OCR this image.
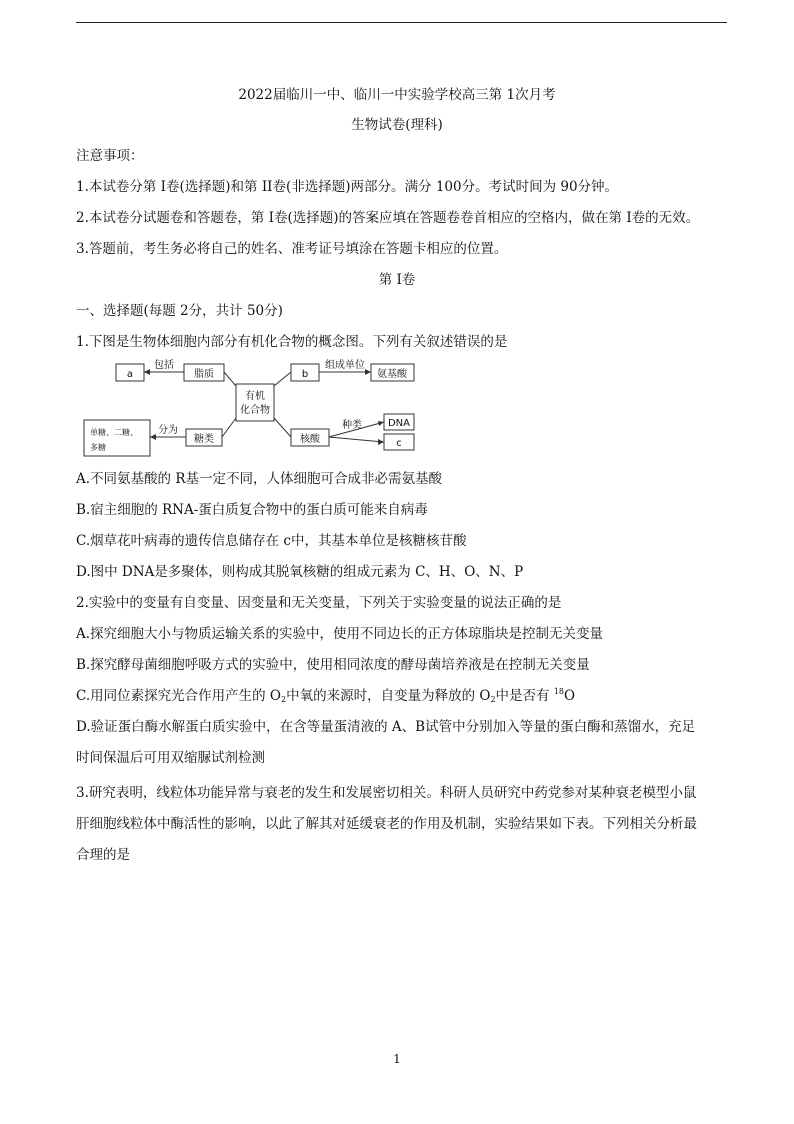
2022届临川一中、临川一中实验学校高三第 1次月考
生物试卷(理科)
注意事项：
1.本试卷分第 I卷(选择题)和第 II卷(非选择题)两部分。满分 100分。考试时间为 90分钟。
2.本试卷分试题卷和答题卷，第 I卷(选择题)的答案应填在答题卷卷首相应的空格内，做在第 I卷的无效。
3.答题前，考生务必将自己的姓名、准考证号填涂在答题卡相应的位置。
第 I卷
一、选择题(每题 2分，共计 50分)
1.下图是生物体细胞内部分有机化合物的概念图。下列有关叙述错误的是
a	脂质
包括
有机
化合物
b
组成单位
氨基酸
分为
糖类	核酸
种类	DNA
c
单糖、二糖、
多糖
A.不同氨基酸的 R基一定不同，人体细胞可合成非必需氨基酸
B.宿主细胞的 RNA-蛋白质复合物中的蛋白质可能来自病毒
C.烟草花叶病毒的遗传信息储存在 c中，其基本单位是核糖核苷酸
D.图中 DNA是多聚体，则构成其脱氧核糖的组成元素为 C、H、O、N、P
2.实验中的变量有自变量、因变量和无关变量，下列关于实验变量的说法正确的是
A.探究细胞大小与物质运输关系的实验中，使用不同边长的正方体琼脂块是控制无关变量
B.探究酵母菌细胞呼吸方式的实验中，使用相同浓度的酵母菌培养液是在控制无关变量
C.用同位素探究光合作用产生的 $O_2$中氧的来源时，自变量为释放的 $O_2$中是否有 $^{18}$O
D.验证蛋白酶水解蛋白质实验中，在含等量蛋清液的 A、B试管中分别加入等量的蛋白酶和蒸馏水，充足
时间保温后可用双缩脲试剂检测
3.研究表明，线粒体功能异常与衰老的发生和发展密切相关。科研人员研究中药党参对某种衰老模型小鼠
肝细胞线粒体中酶活性的影响，以此了解其对延缓衰老的作用及机制，实验结果如下表。下列相关分析最
合理的是
1
